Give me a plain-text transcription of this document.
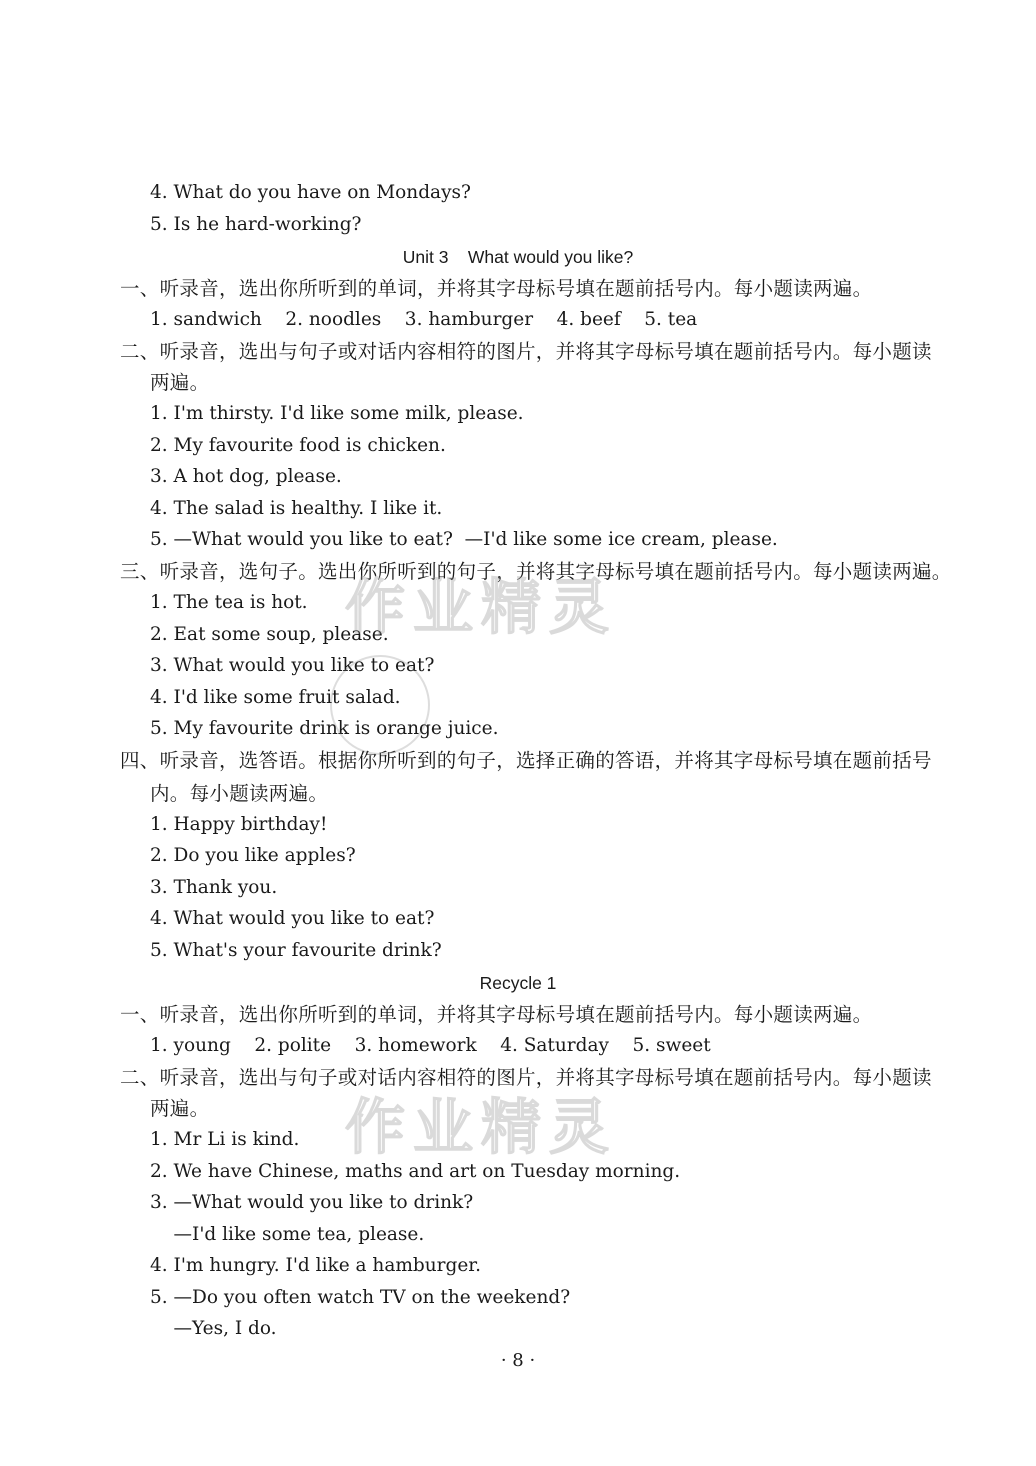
4. What do you have on Mondays?
5. Is he hard-working?
Unit 3    What would you like?
一、听录音，选出你所听到的单词，并将其字母标号填在题前括号内。每小题读两遍。
1. sandwich    2. noodles    3. hamburger    4. beef    5. tea
二、听录音，选出与句子或对话内容相符的图片，并将其字母标号填在题前括号内。每小题读
两遍。
1. I'm thirsty. I'd like some milk, please.
2. My favourite food is chicken.
3. A hot dog, please.
4. The salad is healthy. I like it.
5. —What would you like to eat?  —I'd like some ice cream, please.
三、听录音，选句子。选出你所听到的句子，并将其字母标号填在题前括号内。每小题读两遍。
1. The tea is hot.
2. Eat some soup, please.
3. What would you like to eat?
4. I'd like some fruit salad.
5. My favourite drink is orange juice.
四、听录音，选答语。根据你所听到的句子，选择正确的答语，并将其字母标号填在题前括号
内。每小题读两遍。
1. Happy birthday!
2. Do you like apples?
3. Thank you.
4. What would you like to eat?
5. What's your favourite drink?
Recycle 1
一、听录音，选出你所听到的单词，并将其字母标号填在题前括号内。每小题读两遍。
1. young    2. polite    3. homework    4. Saturday    5. sweet
二、听录音，选出与句子或对话内容相符的图片，并将其字母标号填在题前括号内。每小题读
两遍。
1. Mr Li is kind.
2. We have Chinese, maths and art on Tuesday morning.
3. —What would you like to drink?
—I'd like some tea, please.
4. I'm hungry. I'd like a hamburger.
5. —Do you often watch TV on the weekend?
—Yes, I do.
· 8 ·
作业精灵
作业精灵
